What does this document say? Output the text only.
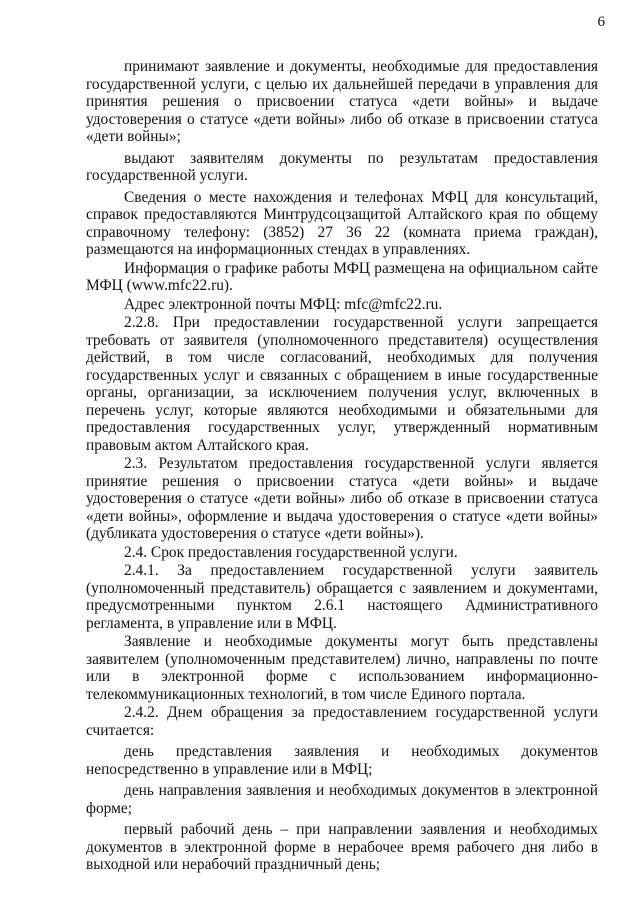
6

принимают заявление и документы, необходимые для предоставления государственной услуги, с целью их дальнейшей передачи в управления для принятия решения о присвоении статуса «дети войны» и выдаче удостоверения о статусе «дети войны» либо об отказе в присвоении статуса «дети войны»;

выдают заявителям документы по результатам предоставления государственной услуги.

Сведения о месте нахождения и телефонах МФЦ для консультаций, справок предоставляются Минтрудсоцзащитой Алтайского края по общему справочному телефону: (3852) 27 36 22 (комната приема граждан), размещаются на информационных стендах в управлениях.

Информация о графике работы МФЦ размещена на официальном сайте МФЦ (www.mfc22.ru).

Адрес электронной почты МФЦ: mfc@mfc22.ru.

2.2.8. При предоставлении государственной услуги запрещается требовать от заявителя (уполномоченного представителя) осуществления действий, в том числе согласований, необходимых для получения государственных услуг и связанных с обращением в иные государственные органы, организации, за исключением получения услуг, включенных в перечень услуг, которые являются необходимыми и обязательными для предоставления государственных услуг, утвержденный нормативным правовым актом Алтайского края.

2.3. Результатом предоставления государственной услуги является принятие решения о присвоении статуса «дети войны» и выдаче удостоверения о статусе «дети войны» либо об отказе в присвоении статуса «дети войны», оформление и выдача удостоверения о статусе «дети войны» (дубликата удостоверения о статусе «дети войны»).

2.4. Срок предоставления государственной услуги.

2.4.1. За предоставлением государственной услуги заявитель (уполномоченный представитель) обращается с заявлением и документами, предусмотренными пунктом 2.6.1 настоящего Административного регламента, в управление или в МФЦ.

Заявление и необходимые документы могут быть представлены заявителем (уполномоченным представителем) лично, направлены по почте или в электронной форме с использованием информационно-телекоммуникационных технологий, в том числе Единого портала.

2.4.2. Днем обращения за предоставлением государственной услуги считается:

день представления заявления и необходимых документов непосредственно в управление или в МФЦ;

день направления заявления и необходимых документов в электронной форме;

первый рабочий день – при направлении заявления и необходимых документов в электронной форме в нерабочее время рабочего дня либо в выходной или нерабочий праздничный день;
